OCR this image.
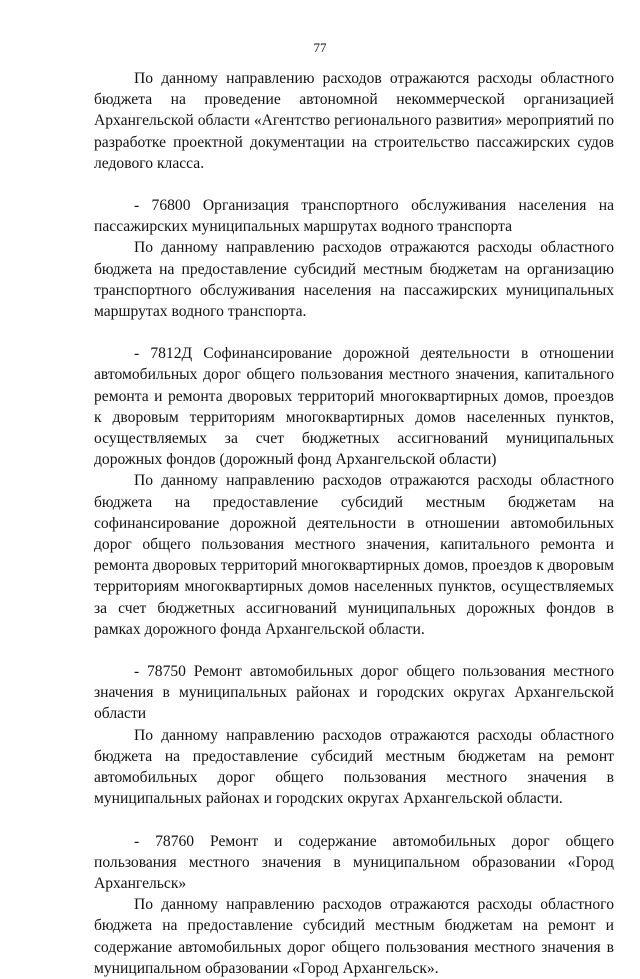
77

По данному направлению расходов отражаются расходы областного бюджета на проведение автономной некоммерческой организацией Архангельской области «Агентство регионального развития» мероприятий по разработке проектной документации на строительство пассажирских судов ледового класса.

- 76800 Организация транспортного обслуживания населения на пассажирских муниципальных маршрутах водного транспорта

По данному направлению расходов отражаются расходы областного бюджета на предоставление субсидий местным бюджетам на организацию транспортного обслуживания населения на пассажирских муниципальных маршрутах водного транспорта.

- 7812Д Софинансирование дорожной деятельности в отношении автомобильных дорог общего пользования местного значения, капитального ремонта и ремонта дворовых территорий многоквартирных домов, проездов к дворовым территориям многоквартирных домов населенных пунктов, осуществляемых за счет бюджетных ассигнований муниципальных дорожных фондов (дорожный фонд Архангельской области)

По данному направлению расходов отражаются расходы областного бюджета на предоставление субсидий местным бюджетам на софинансирование дорожной деятельности в отношении автомобильных дорог общего пользования местного значения, капитального ремонта и ремонта дворовых территорий многоквартирных домов, проездов к дворовым территориям многоквартирных домов населенных пунктов, осуществляемых за счет бюджетных ассигнований муниципальных дорожных фондов в рамках дорожного фонда Архангельской области.

- 78750 Ремонт автомобильных дорог общего пользования местного значения в муниципальных районах и городских округах Архангельской области

По данному направлению расходов отражаются расходы областного бюджета на предоставление субсидий местным бюджетам на ремонт автомобильных дорог общего пользования местного значения в муниципальных районах и городских округах Архангельской области.

- 78760 Ремонт и содержание автомобильных дорог общего пользования местного значения в муниципальном образовании «Город Архангельск»

По данному направлению расходов отражаются расходы областного бюджета на предоставление субсидий местным бюджетам на ремонт и содержание автомобильных дорог общего пользования местного значения в муниципальном образовании «Город Архангельск».
